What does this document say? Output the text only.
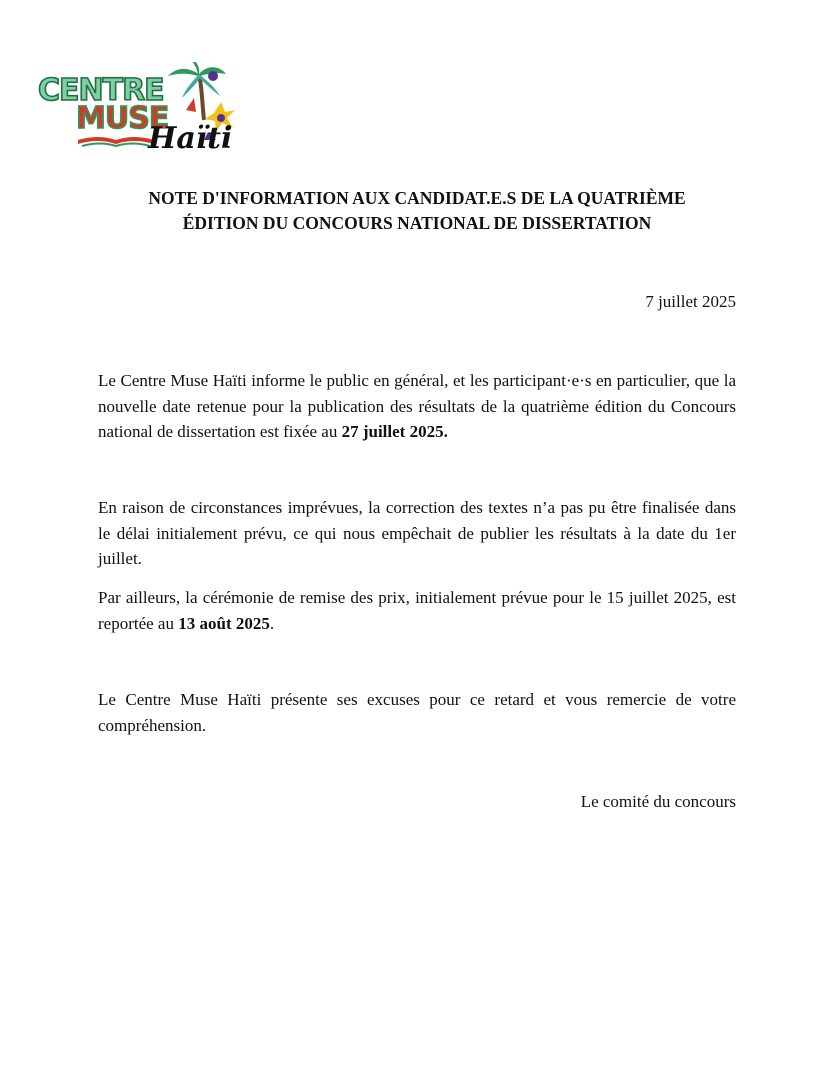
CENTRE
MUSE
Haïti
NOTE D'INFORMATION AUX CANDIDAT.E.S DE LA QUATRIÈME
ÉDITION DU CONCOURS NATIONAL DE DISSERTATION
7 juillet 2025

Le Centre Muse Haïti informe le public en général, et les participant·e·s en particulier, que la nouvelle date retenue pour la publication des résultats de la quatrième édition du Concours national de dissertation est fixée au 27 juillet 2025.

En raison de circonstances imprévues, la correction des textes n’a pas pu être finalisée dans le délai initialement prévu, ce qui nous empêchait de publier les résultats à la date du 1er juillet.

Par ailleurs, la cérémonie de remise des prix, initialement prévue pour le 15 juillet 2025, est reportée au 13 août 2025.

Le Centre Muse Haïti présente ses excuses pour ce retard et vous remercie de votre compréhension.

Le comité du concours
